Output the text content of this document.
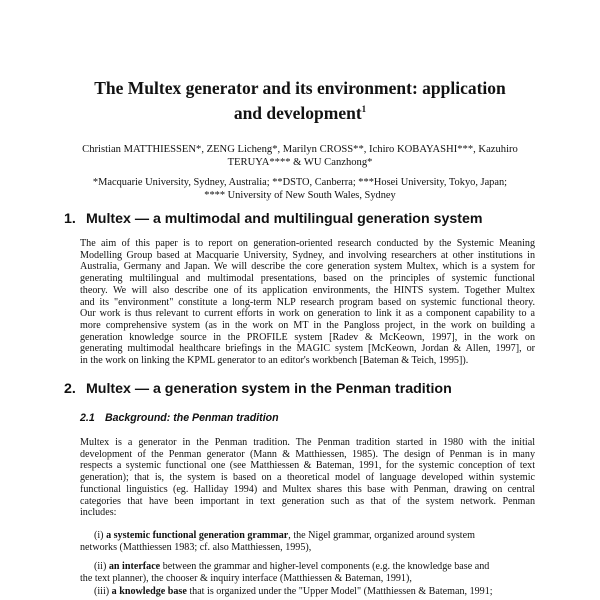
The Multex generator and its environment: application
and development$^1$
Christian MATTHIESSEN*, ZENG Licheng*, Marilyn CROSS**, Ichiro KOBAYASHI***, Kazuhiro
TERUYA**** & WU Canzhong*
*Macquarie University, Sydney, Australia; **DSTO, Canberra; ***Hosei University, Tokyo, Japan;
**** University of New South Wales, Sydney
1. Multex — a multimodal and multilingual generation system
The aim of this paper is to report on generation-oriented research conducted by the Systemic Meaning
Modelling Group based at Macquarie University, Sydney, and involving researchers at other institutions in
Australia, Germany and Japan. We will describe the core generation system Multex, which is a system for
generating multilingual and multimodal presentations, based on the principles of systemic functional
theory. We will also describe one of its application environments, the HINTS system. Together Multex
and its "environment" constitute a long-term NLP research program based on systemic functional theory.
Our work is thus relevant to current efforts in work on generation to link it as a component capability to a
more comprehensive system (as in the work on MT in the Pangloss project, in the work on building a
generation knowledge source in the PROFILE system [Radev & McKeown, 1997], in the work on
generating multimodal healthcare briefings in the MAGIC system [McKeown, Jordan & Allen, 1997], or
in the work on linking the KPML generator to an editor's workbench [Bateman & Teich, 1995]).
2. Multex — a generation system in the Penman tradition
2.1 Background: the Penman tradition
Multex is a generator in the Penman tradition. The Penman tradition started in 1980 with the initial
development of the Penman generator (Mann & Matthiessen, 1985). The design of Penman is in many
respects a systemic functional one (see Matthiessen & Bateman, 1991, for the systemic conception of text
generation); that is, the system is based on a theoretical model of language developed within systemic
functional linguistics (eg. Halliday 1994) and Multex shares this base with Penman, drawing on central
categories that have been important in text generation such as that of the system network. Penman
includes:
(i) a systemic functional generation grammar, the Nigel grammar, organized around system
networks (Matthiessen 1983; cf. also Matthiessen, 1995),
(ii) an interface between the grammar and higher-level components (e.g. the knowledge base and
the text planner), the chooser & inquiry interface (Matthiessen & Bateman, 1991),
(iii) a knowledge base that is organized under the "Upper Model" (Matthiessen & Bateman, 1991;
